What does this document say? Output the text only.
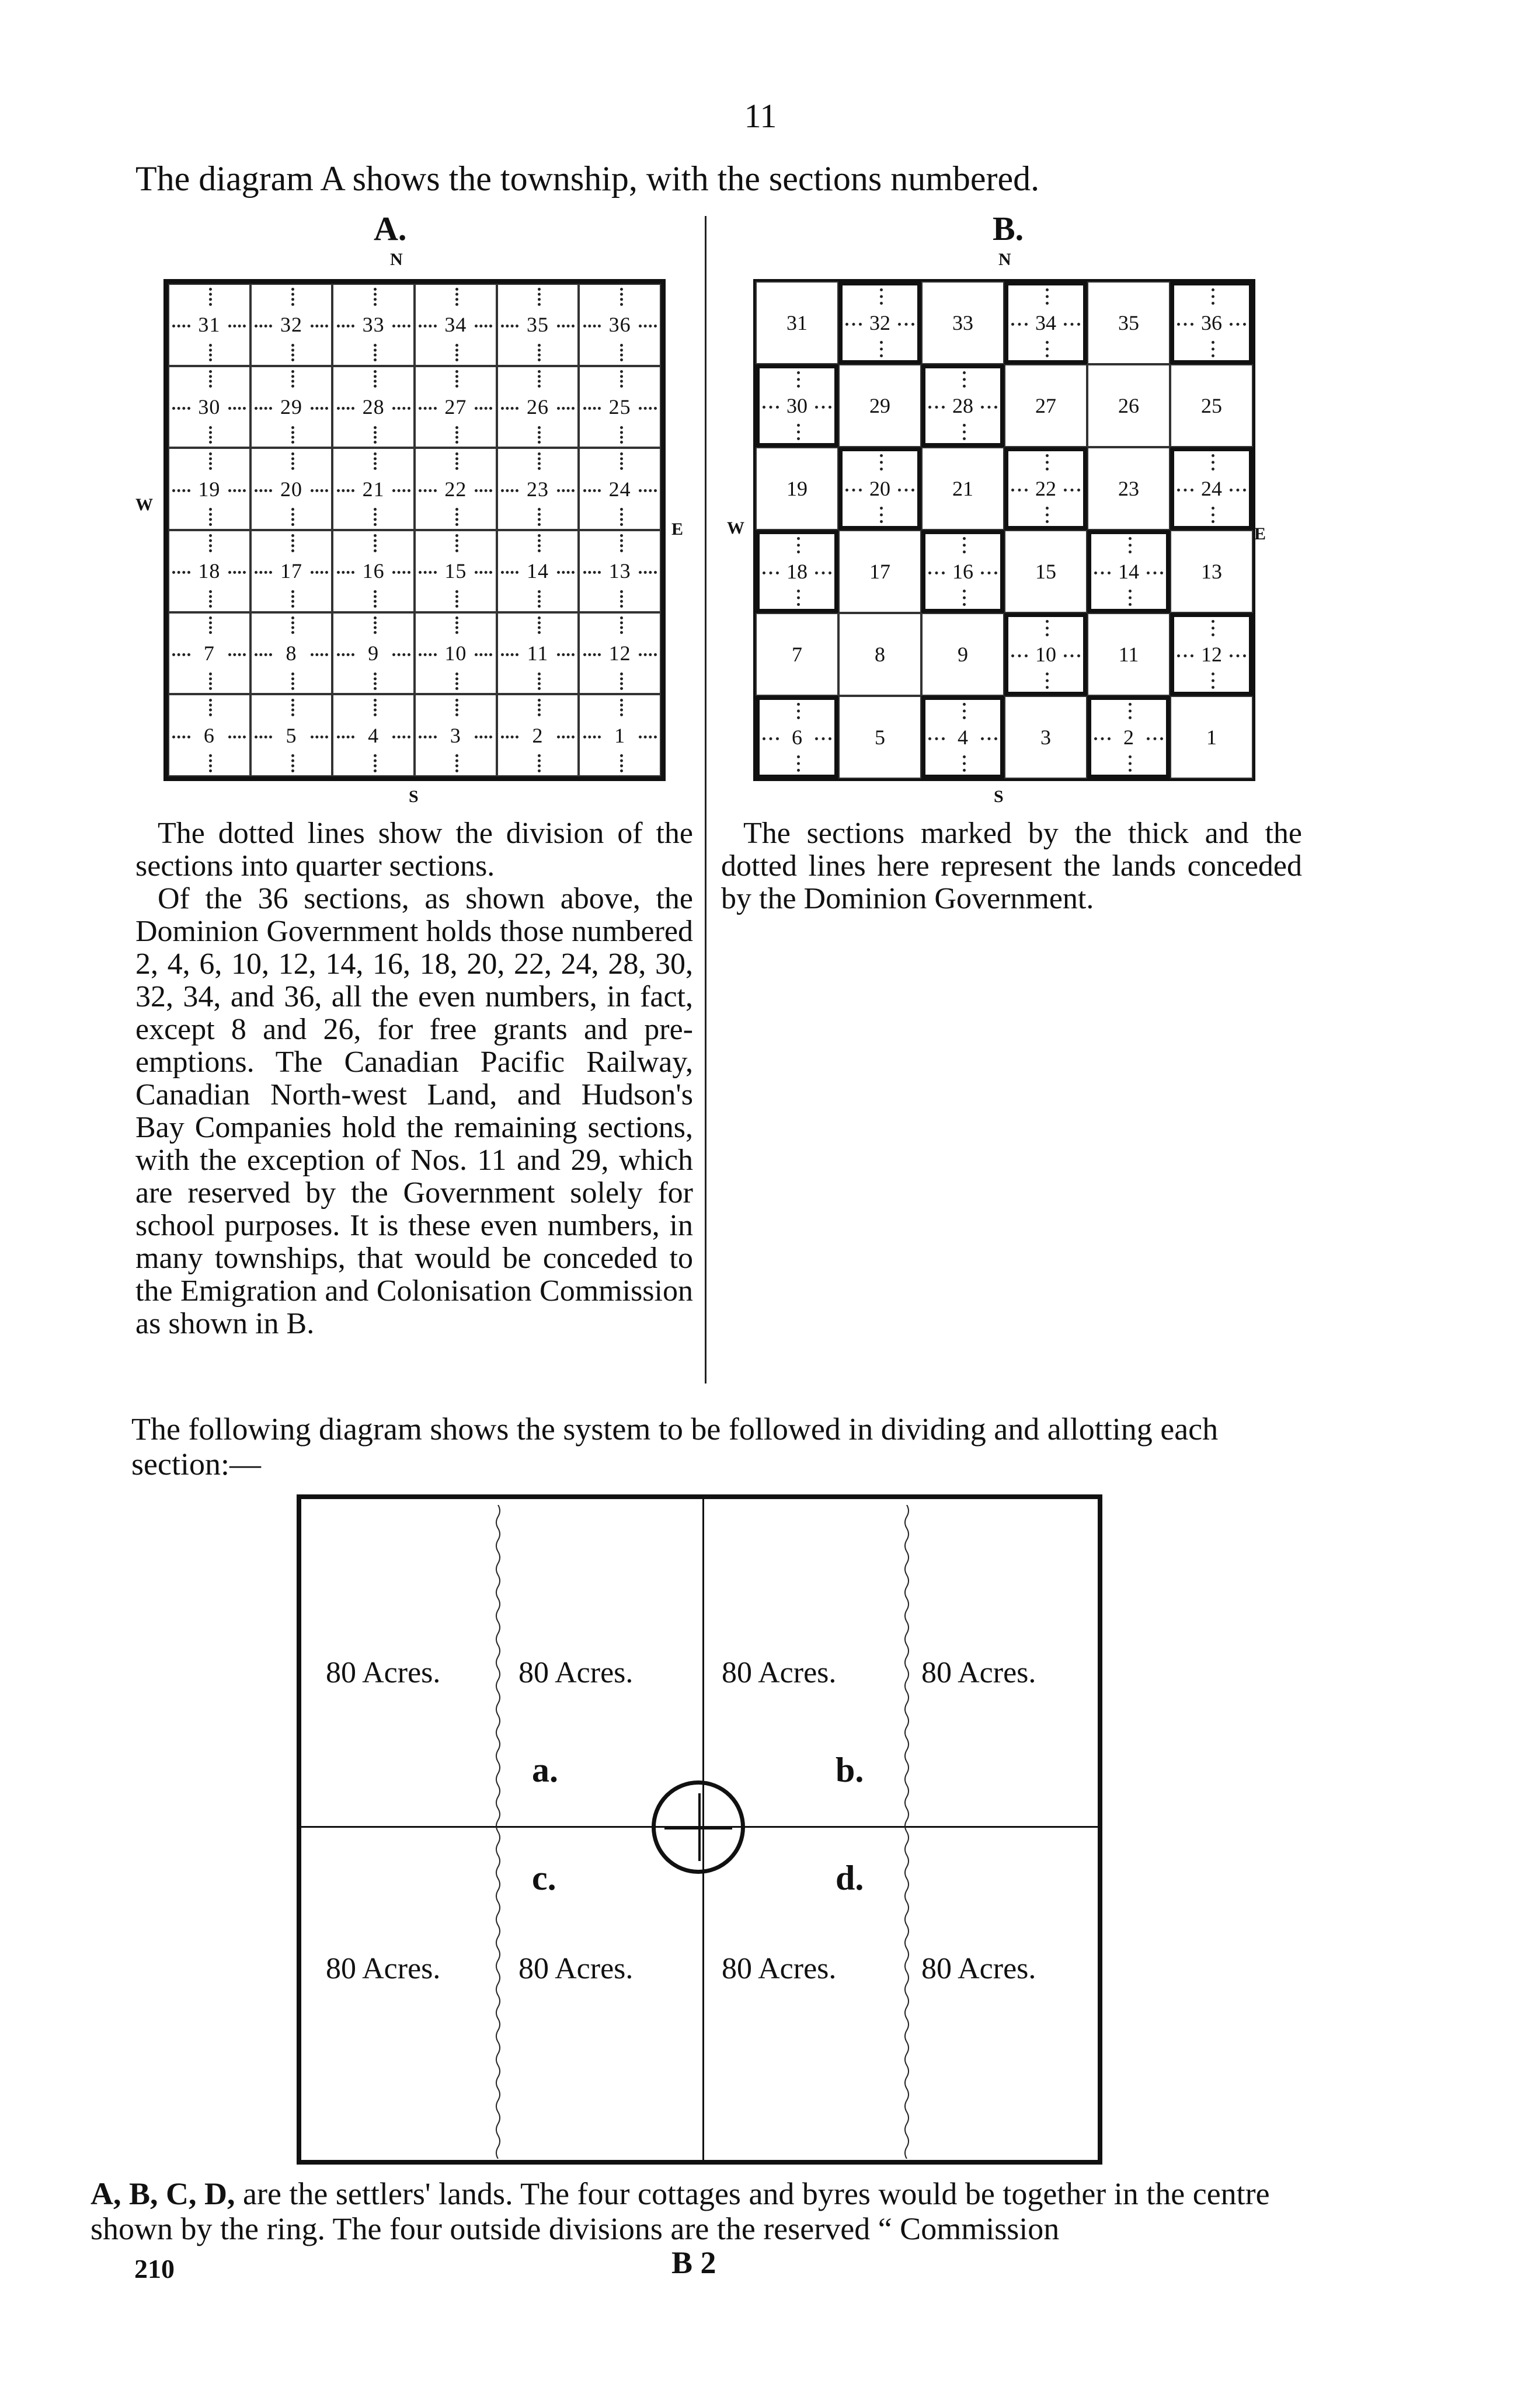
11
The diagram A shows the township, with the sections numbered.
A.
N
W
E
S
31	32	33	34	35	36
30	29	28	27	26	25
19	20	21	22	23	24
18	17	16	15	14	13
7	8	9	10	11	12
6	5	4	3	2	1
B.
N
W	E
S
31	32	33	34	35	36
30	29	28	27	26	25
19	20	21	22	23	24
18	17	16	15	14	13
7	8	9	10	11	12
6	5	4	3	2	1

The dotted lines show the division of the sections into quarter sections.

Of the 36 sections, as shown above, the Dominion Government holds those numbered 2, 4, 6, 10, 12, 14, 16, 18, 20, 22, 24, 28, 30, 32, 34, and 36, all the even numbers, in fact, except 8 and 26, for free grants and pre-emptions. The Canadian Pacific Railway, Canadian North-west Land, and Hudson's Bay Companies hold the remaining sections, with the exception of Nos. 11 and 29, which are reserved by the Government solely for school purposes. It is these even numbers, in many townships, that would be conceded to the Emigration and Colonisation Commission as shown in B.

The sections marked by the thick and the dotted lines here represent the lands conceded by the Dominion Government.

The following diagram shows the system to be followed in dividing and allotting each section:—
80 Acres.	80 Acres.	80 Acres.	80 Acres.
80 Acres.	80 Acres.	80 Acres.	80 Acres.
a.	b.
c.	d.
A, B, C, D, are the settlers' lands. The four cottages and byres would be together in the centre shown by the ring. The four outside divisions are the reserved “ Commission
210	B 2
